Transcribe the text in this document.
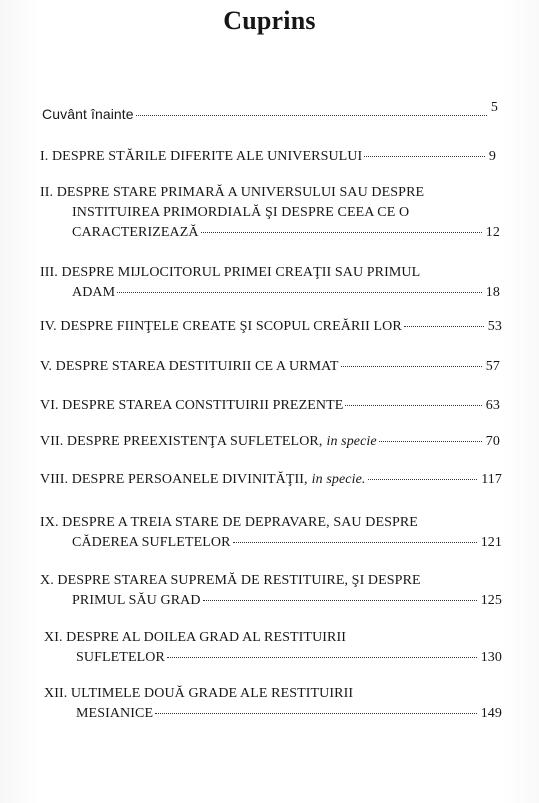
Cuprins
Cuvânt înainte	5
I. DESPRE STĂRILE DIFERITE ALE UNIVERSULUI	9
II. DESPRE STARE PRIMARĂ A UNIVERSULUI SAU DESPRE
INSTITUIREA PRIMORDIALĂ ŞI DESPRE CEEA CE O
CARACTERIZEAZĂ	12
III. DESPRE MIJLOCITORUL PRIMEI CREAŢII SAU PRIMUL
ADAM	18
IV. DESPRE FIINŢELE CREATE ŞI SCOPUL CREĂRII LOR	53
V. DESPRE STAREA DESTITUIRII CE A URMAT	57
VI. DESPRE STAREA CONSTITUIRII PREZENTE	63
VII. DESPRE PREEXISTENŢA SUFLETELOR, in specie	70
VIII. DESPRE PERSOANELE DIVINITĂŢII, in specie.	117
IX. DESPRE A TREIA STARE DE DEPRAVARE, SAU DESPRE
CĂDEREA SUFLETELOR	121
X. DESPRE STAREA SUPREMĂ DE RESTITUIRE, ŞI DESPRE
PRIMUL SĂU GRAD	125
XI. DESPRE AL DOILEA GRAD AL RESTITUIRII
SUFLETELOR	130
XII. ULTIMELE DOUĂ GRADE ALE RESTITUIRII
MESIANICE	149
